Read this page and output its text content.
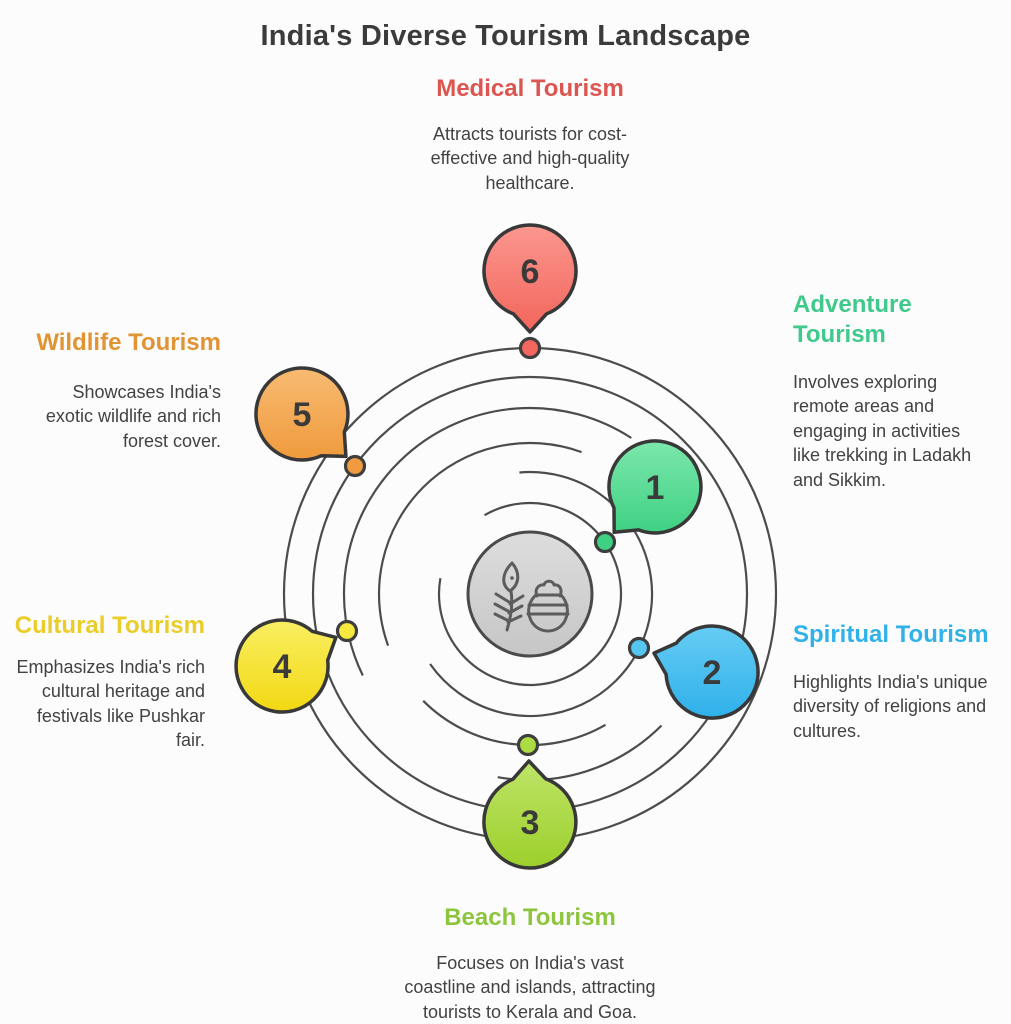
India's Diverse Tourism Landscape
1
2
3
4
5
6
Medical Tourism

Attracts tourists for cost-effective and high-quality healthcare.

Adventure Tourism

Involves exploring remote areas and engaging in activities like trekking in Ladakh and Sikkim.

Wildlife Tourism

Showcases India's exotic wildlife and rich forest cover.

Spiritual Tourism

Highlights India's unique diversity of religions and cultures.

Cultural Tourism

Emphasizes India's rich cultural heritage and festivals like Pushkar fair.

Beach Tourism

Focuses on India's vast coastline and islands, attracting tourists to Kerala and Goa.
